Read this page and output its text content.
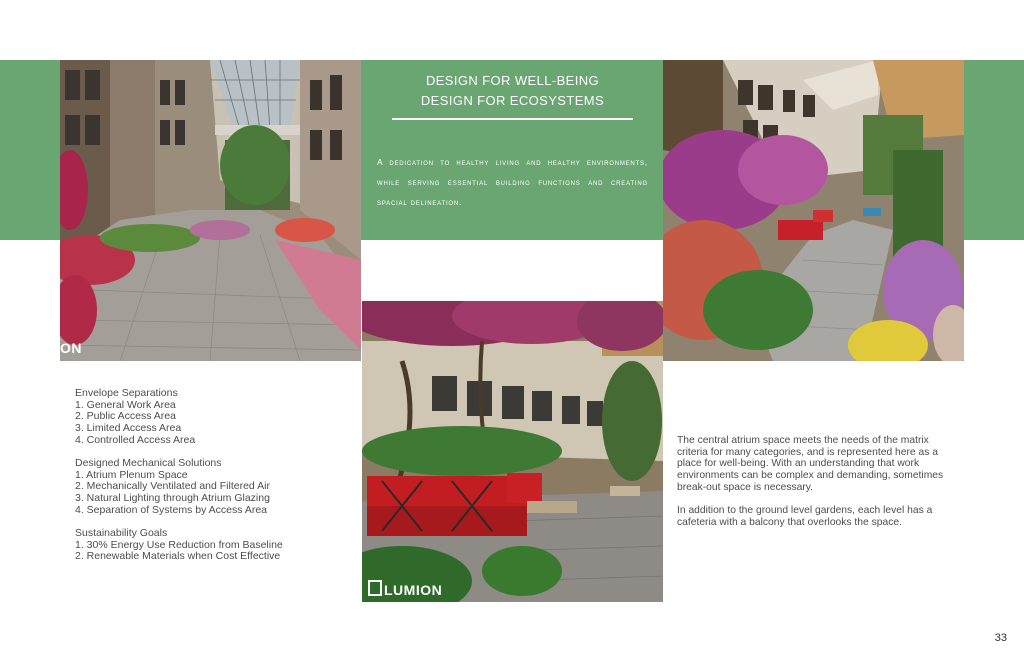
DESIGN FOR WELL-BEING
DESIGN FOR ECOSYSTEMS
A dedication to healthy living and healthy environments, while serving essential building functions and creating spacial delineation.
ON
LUMION
Envelope Separations
1. General Work Area
2. Public Access Area
3. Limited Access Area
4. Controlled Access Area
Designed Mechanical Solutions
1. Atrium Plenum Space
2. Mechanically Ventilated and Filtered Air
3. Natural Lighting through Atrium Glazing
4. Separation of Systems by Access Area
Sustainability Goals
1. 30% Energy Use Reduction from Baseline
2. Renewable Materials when Cost Effective

The central atrium space meets the needs of the matrix criteria for many categories, and is represented here as a place for well-being. With an understanding that work environments can be complex and demanding, sometimes break-out space is necessary.

In addition to the ground level gardens, each level has a cafeteria with a balcony that overlooks the space.

33
